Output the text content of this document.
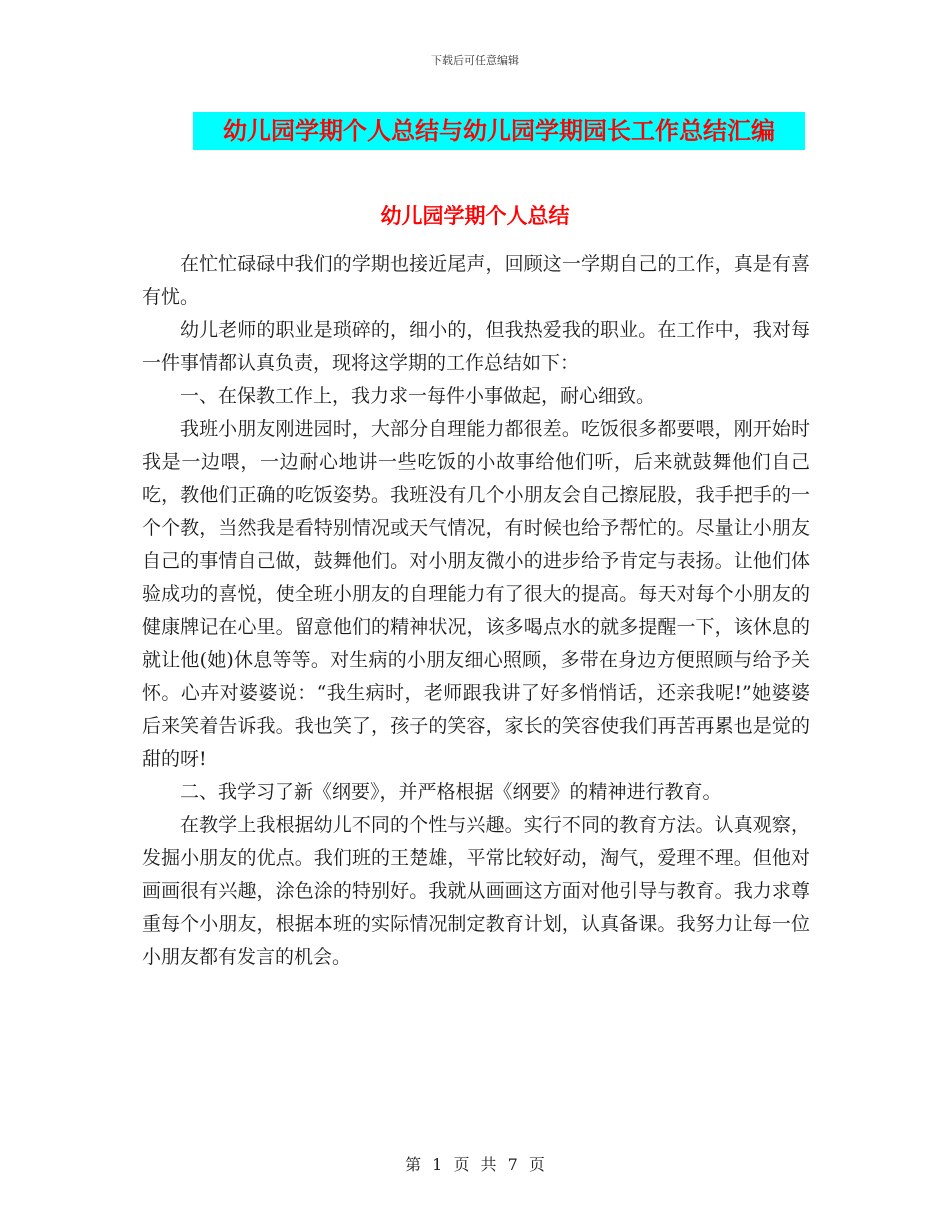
下载后可任意编辑
幼儿园学期个人总结与幼儿园学期园长工作总结汇编
幼儿园学期个人总结

在忙忙碌碌中我们的学期也接近尾声，回顾这一学期自己的工作，真是有喜有忧。

幼儿老师的职业是琐碎的，细小的，但我热爱我的职业。在工作中，我对每一件事情都认真负责，现将这学期的工作总结如下：

一、在保教工作上，我力求一每件小事做起，耐心细致。

我班小朋友刚进园时，大部分自理能力都很差。吃饭很多都要喂，刚开始时我是一边喂，一边耐心地讲一些吃饭的小故事给他们听，后来就鼓舞他们自己吃，教他们正确的吃饭姿势。我班没有几个小朋友会自己擦屁股，我手把手的一个个教，当然我是看特别情况或天气情况，有时候也给予帮忙的。尽量让小朋友自己的事情自己做，鼓舞他们。对小朋友微小的进步给予肯定与表扬。让他们体验成功的喜悦，使全班小朋友的自理能力有了很大的提高。每天对每个小朋友的健康牌记在心里。留意他们的精神状况，该多喝点水的就多提醒一下，该休息的就让他(她)休息等等。对生病的小朋友细心照顾，多带在身边方便照顾与给予关怀。心卉对婆婆说：“我生病时，老师跟我讲了好多悄悄话，还亲我呢!”她婆婆后来笑着告诉我。我也笑了，孩子的笑容，家长的笑容使我们再苦再累也是觉的甜的呀!

二、我学习了新《纲要》，并严格根据《纲要》的精神进行教育。

在教学上我根据幼儿不同的个性与兴趣。实行不同的教育方法。认真观察，发掘小朋友的优点。我们班的王楚雄，平常比较好动，淘气，爱理不理。但他对画画很有兴趣，涂色涂的特别好。我就从画画这方面对他引导与教育。我力求尊重每个小朋友，根据本班的实际情况制定教育计划，认真备课。我努力让每一位小朋友都有发言的机会。

第 1 页 共 7 页
